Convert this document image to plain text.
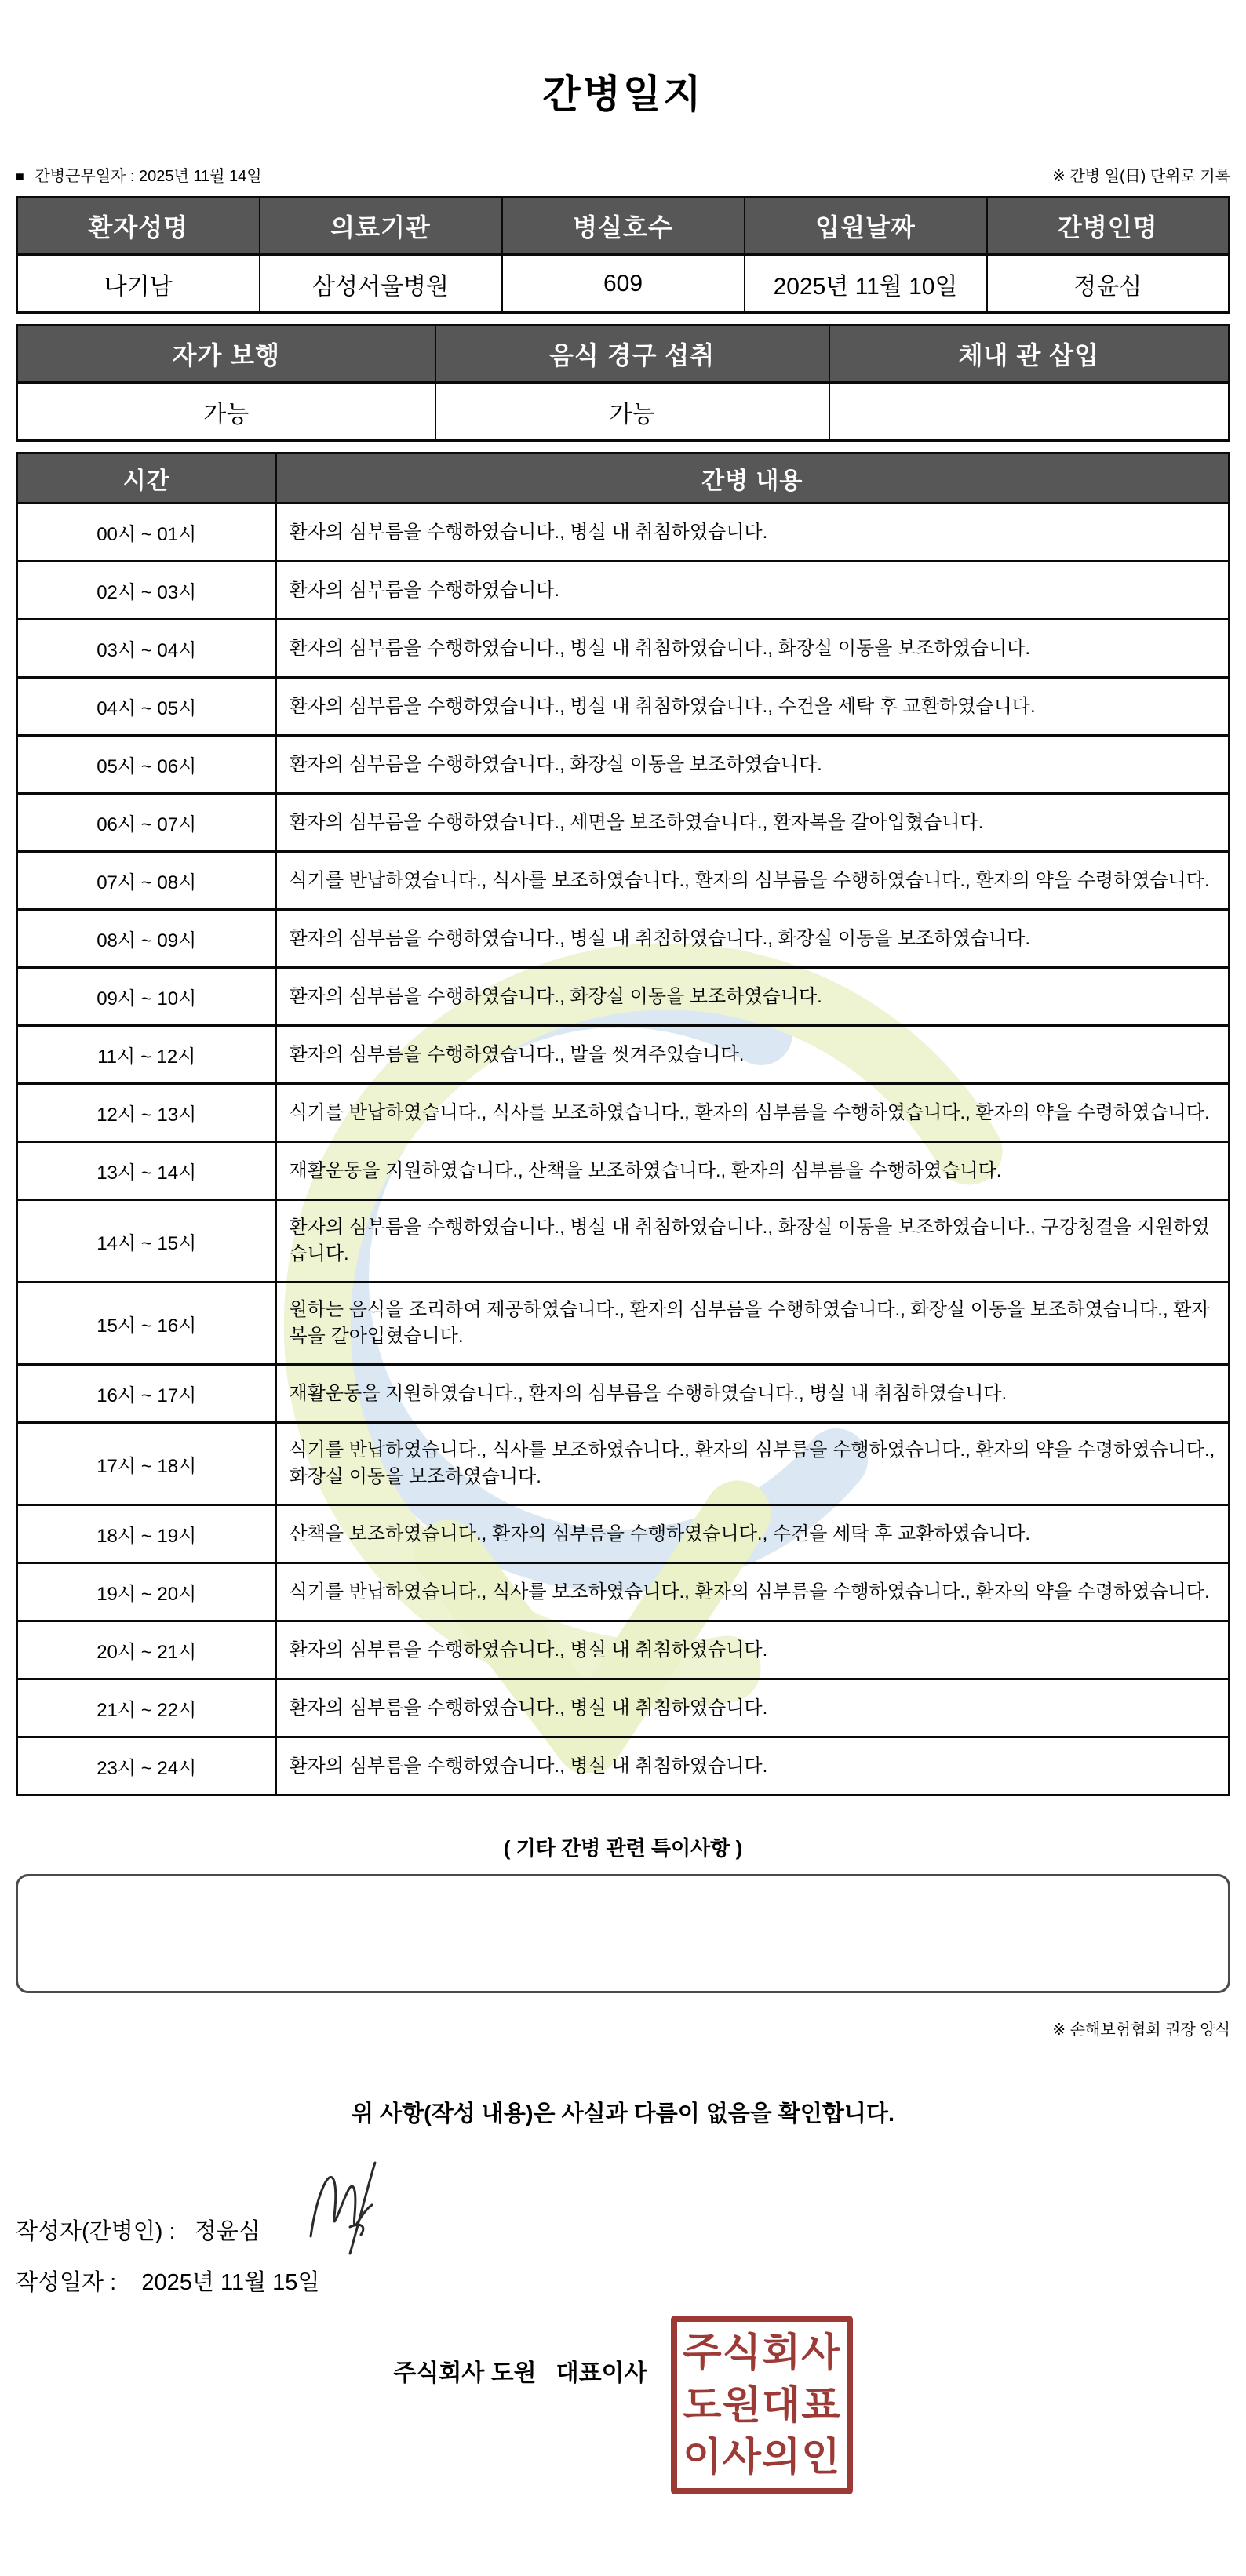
간병일지
■ 간병근무일자 : 2025년 11월 14일	※ 간병 일(日) 단위로 기록
환자성명	의료기관	병실호수	입원날짜	간병인명
나기남	삼성서울병원	609	2025년 11월 10일	정윤심
자가 보행	음식 경구 섭취	체내 관 삽입
가능	가능	
시간	간병 내용
00시 ~ 01시	환자의 심부름을 수행하였습니다., 병실 내 취침하였습니다.
02시 ~ 03시	환자의 심부름을 수행하였습니다.
03시 ~ 04시	환자의 심부름을 수행하였습니다., 병실 내 취침하였습니다., 화장실 이동을 보조하였습니다.
04시 ~ 05시	환자의 심부름을 수행하였습니다., 병실 내 취침하였습니다., 수건을 세탁 후 교환하였습니다.
05시 ~ 06시	환자의 심부름을 수행하였습니다., 화장실 이동을 보조하였습니다.
06시 ~ 07시	환자의 심부름을 수행하였습니다., 세면을 보조하였습니다., 환자복을 갈아입혔습니다.
07시 ~ 08시	식기를 반납하였습니다., 식사를 보조하였습니다., 환자의 심부름을 수행하였습니다., 환자의 약을 수령하였습니다.
08시 ~ 09시	환자의 심부름을 수행하였습니다., 병실 내 취침하였습니다., 화장실 이동을 보조하였습니다.
09시 ~ 10시	환자의 심부름을 수행하였습니다., 화장실 이동을 보조하였습니다.
11시 ~ 12시	환자의 심부름을 수행하였습니다., 발을 씻겨주었습니다.
12시 ~ 13시	식기를 반납하였습니다., 식사를 보조하였습니다., 환자의 심부름을 수행하였습니다., 환자의 약을 수령하였습니다.
13시 ~ 14시	재활운동을 지원하였습니다., 산책을 보조하였습니다., 환자의 심부름을 수행하였습니다.
14시 ~ 15시	환자의 심부름을 수행하였습니다., 병실 내 취침하였습니다., 화장실 이동을 보조하였습니다., 구강청결을 지원하였습니다.
15시 ~ 16시	원하는 음식을 조리하여 제공하였습니다., 환자의 심부름을 수행하였습니다., 화장실 이동을 보조하였습니다., 환자복을 갈아입혔습니다.
16시 ~ 17시	재활운동을 지원하였습니다., 환자의 심부름을 수행하였습니다., 병실 내 취침하였습니다.
17시 ~ 18시	식기를 반납하였습니다., 식사를 보조하였습니다., 환자의 심부름을 수행하였습니다., 환자의 약을 수령하였습니다., 화장실 이동을 보조하였습니다.
18시 ~ 19시	산책을 보조하였습니다., 환자의 심부름을 수행하였습니다., 수건을 세탁 후 교환하였습니다.
19시 ~ 20시	식기를 반납하였습니다., 식사를 보조하였습니다., 환자의 심부름을 수행하였습니다., 환자의 약을 수령하였습니다.
20시 ~ 21시	환자의 심부름을 수행하였습니다., 병실 내 취침하였습니다.
21시 ~ 22시	환자의 심부름을 수행하였습니다., 병실 내 취침하였습니다.
23시 ~ 24시	환자의 심부름을 수행하였습니다., 병실 내 취침하였습니다.
( 기타 간병 관련 특이사항 )
※ 손해보험협회 권장 양식
위 사항(작성 내용)은 사실과 다름이 없음을 확인합니다.
작성자(간병인) :
정윤심
작성일자 : 2025년 11월 15일
주식회사 도원   대표이사 주식회사
도원대표
이사의인
